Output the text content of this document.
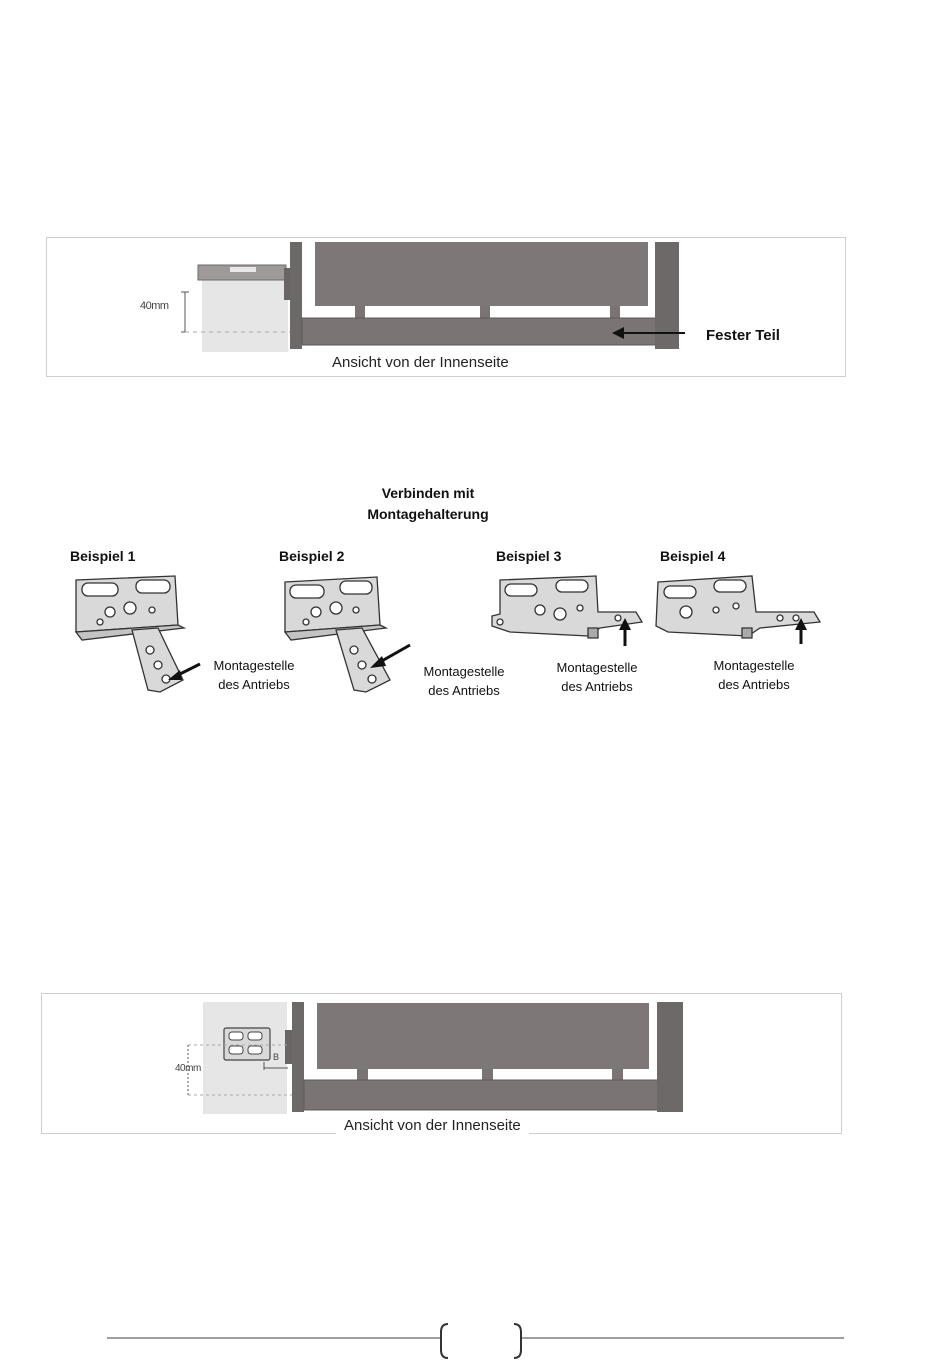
40mm
Fester Teil
Ansicht von der Innenseite
Verbinden mit
Montagehalterung
Beispiel 1	Beispiel 2	Beispiel 3	Beispiel 4
Montagestelle
des Antriebs
Montagestelle
des Antriebs
Montagestelle
des Antriebs
Montagestelle
des Antriebs
40mm
B
Ansicht von der Innenseite
